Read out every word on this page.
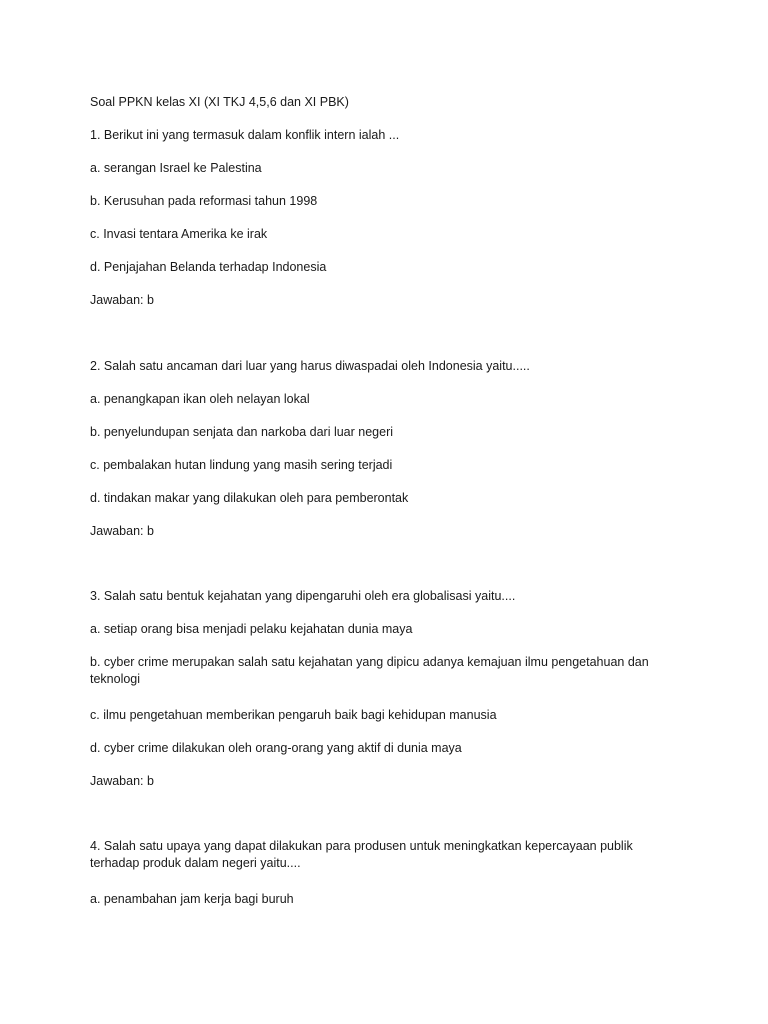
Soal PPKN kelas XI (XI TKJ 4,5,6 dan XI PBK)

1. Berikut ini yang termasuk dalam konflik intern ialah ...

a. serangan Israel ke Palestina

b. Kerusuhan pada reformasi tahun 1998

c. Invasi tentara Amerika ke irak

d. Penjajahan Belanda terhadap Indonesia

Jawaban: b

2. Salah satu ancaman dari luar yang harus diwaspadai oleh Indonesia yaitu.....

a. penangkapan ikan oleh nelayan lokal

b. penyelundupan senjata dan narkoba dari luar negeri

c. pembalakan hutan lindung yang masih sering terjadi

d. tindakan makar yang dilakukan oleh para pemberontak

Jawaban: b

3. Salah satu bentuk kejahatan yang dipengaruhi oleh era globalisasi yaitu....

a. setiap orang bisa menjadi pelaku kejahatan dunia maya

b. cyber crime merupakan salah satu kejahatan yang dipicu adanya kemajuan ilmu pengetahuan dan teknologi

c. ilmu pengetahuan memberikan pengaruh baik bagi kehidupan manusia

d. cyber crime dilakukan oleh orang-orang yang aktif di dunia maya

Jawaban: b

4. Salah satu upaya yang dapat dilakukan para produsen untuk meningkatkan kepercayaan publik terhadap produk dalam negeri yaitu....

a. penambahan jam kerja bagi buruh
